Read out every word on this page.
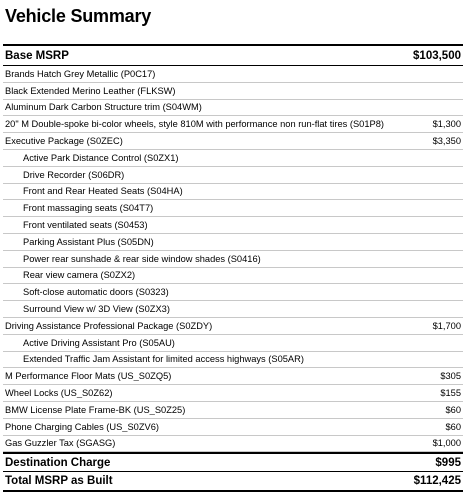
Vehicle Summary
Base MSRP	$103,500
Brands Hatch Grey Metallic (P0C17)
Black Extended Merino Leather (FLKSW)
Aluminum Dark Carbon Structure trim (S04WM)
20" M Double-spoke bi-color wheels, style 810M with performance non run-flat tires (S01P8)	$1,300
Executive Package (S0ZEC)	$3,350
Active Park Distance Control (S0ZX1)
Drive Recorder (S06DR)
Front and Rear Heated Seats (S04HA)
Front massaging seats (S04T7)
Front ventilated seats (S0453)
Parking Assistant Plus (S05DN)
Power rear sunshade & rear side window shades (S0416)
Rear view camera (S0ZX2)
Soft-close automatic doors (S0323)
Surround View w/ 3D View (S0ZX3)
Driving Assistance Professional Package (S0ZDY)	$1,700
Active Driving Assistant Pro (S05AU)
Extended Traffic Jam Assistant for limited access highways (S05AR)
M Performance Floor Mats (US_S0ZQ5)	$305
Wheel Locks (US_S0Z62)	$155
BMW License Plate Frame-BK (US_S0Z25)	$60
Phone Charging Cables (US_S0ZV6)	$60
Gas Guzzler Tax (SGASG)	$1,000
Destination Charge	$995
Total MSRP as Built	$112,425
